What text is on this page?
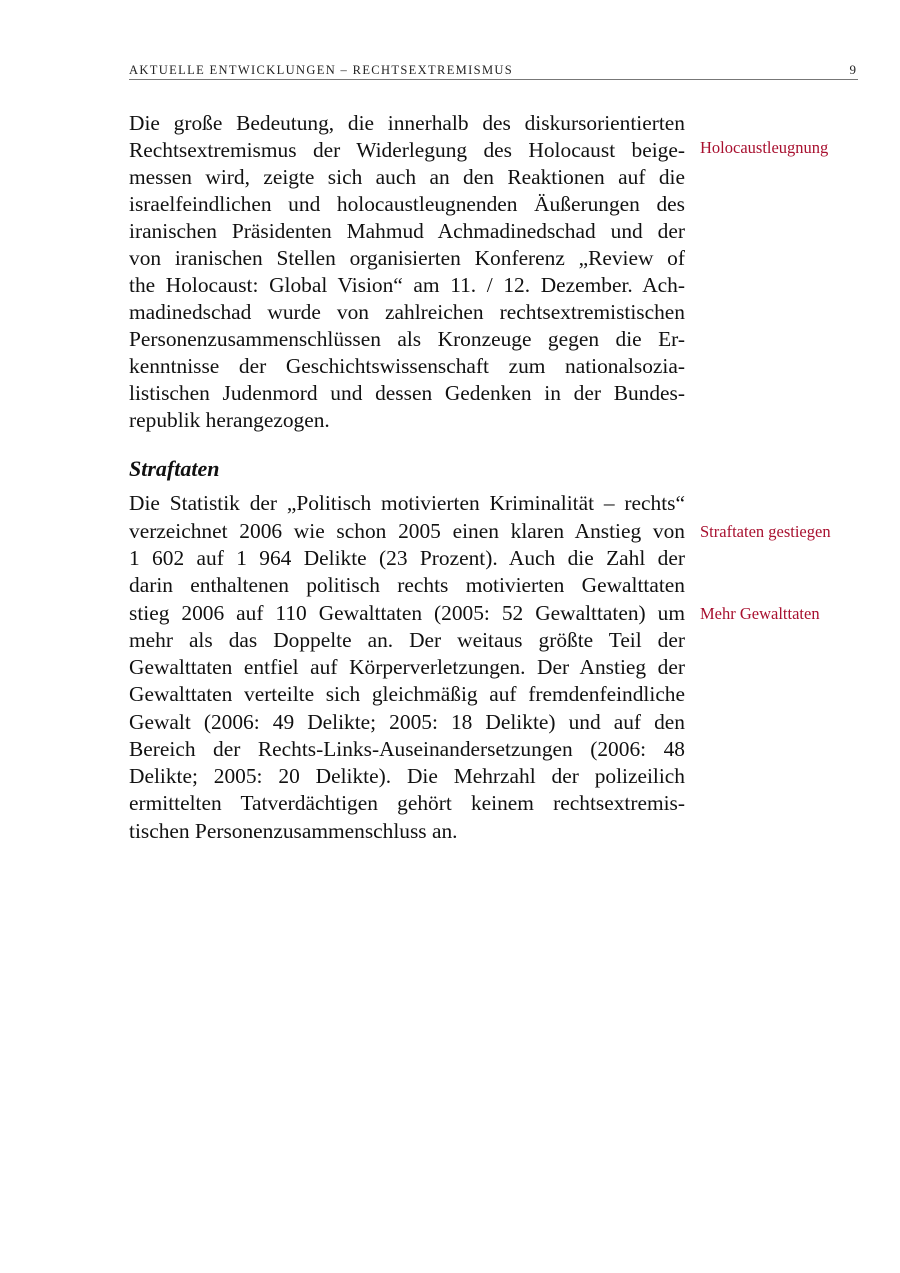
AKTUELLE ENTWICKLUNGEN – RECHTSEXTREMISMUS	9
Die große Bedeutung, die innerhalb des diskursorientierten
Rechtsextremismus der Widerlegung des Holocaust beige-
messen wird, zeigte sich auch an den Reaktionen auf die
israelfeindlichen und holocaustleugnenden Äußerungen des
iranischen Präsidenten Mahmud Achmadinedschad und der
von iranischen Stellen organisierten Konferenz „Review of
the Holocaust: Global Vision“ am 11. / 12. Dezember. Ach-
madinedschad wurde von zahlreichen rechtsextremistischen
Personenzusammenschlüssen als Kronzeuge gegen die Er-
kenntnisse der Geschichtswissenschaft zum nationalsozia-
listischen Judenmord und dessen Gedenken in der Bundes-
republik herangezogen.
Straftaten
Die Statistik der „Politisch motivierten Kriminalität – rechts“
verzeichnet 2006 wie schon 2005 einen klaren Anstieg von
1 602 auf 1 964 Delikte (23 Prozent). Auch die Zahl der
darin enthaltenen politisch rechts motivierten Gewalttaten
stieg 2006 auf 110 Gewalttaten (2005: 52 Gewalttaten) um
mehr als das Doppelte an. Der weitaus größte Teil der
Gewalttaten entfiel auf Körperverletzungen. Der Anstieg der
Gewalttaten verteilte sich gleichmäßig auf fremdenfeindliche
Gewalt (2006: 49 Delikte; 2005: 18 Delikte) und auf den
Bereich der Rechts-Links-Auseinandersetzungen (2006: 48
Delikte; 2005: 20 Delikte). Die Mehrzahl der polizeilich
ermittelten Tatverdächtigen gehört keinem rechtsextremis-
tischen Personenzusammenschluss an.
Holocaustleugnung
Straftaten gestiegen
Mehr Gewalttaten
